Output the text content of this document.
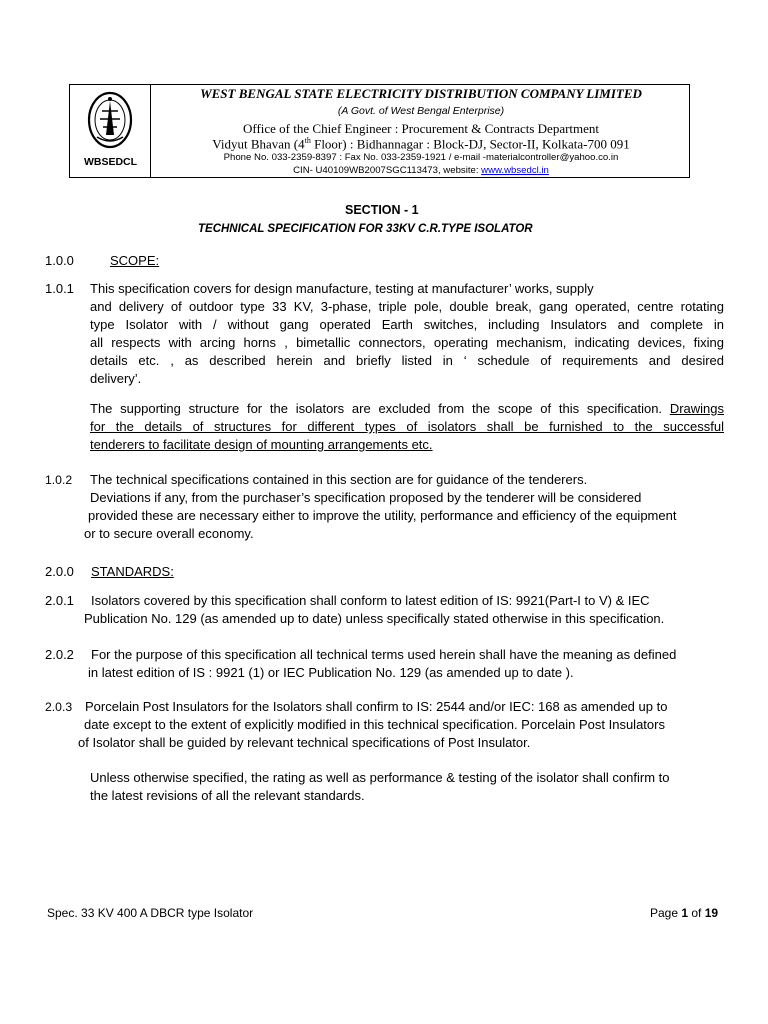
WBSEDCL
WEST BENGAL STATE ELECTRICITY DISTRIBUTION COMPANY LIMITED
(A Govt. of West Bengal Enterprise)
Office of the Chief Engineer : Procurement & Contracts Department
Vidyut Bhavan (4th Floor) : Bidhannagar : Block-DJ, Sector-II, Kolkata-700 091
Phone No. 033-2359-8397 : Fax No. 033-2359-1921 / e-mail -materialcontroller@yahoo.co.in
CIN- U40109WB2007SGC113473, website: www.wbsedcl.in
SECTION - 1
TECHNICAL SPECIFICATION FOR 33KV C.R.TYPE ISOLATOR
1.0.0	SCOPE:
1.0.1 This specification covers for design manufacture, testing at manufacturer’ works, supply
and delivery of outdoor type 33 KV, 3-phase, triple pole, double break, gang operated, centre rotating
type Isolator with / without gang operated Earth switches, including Insulators and complete in
all respects with arcing horns , bimetallic connectors, operating mechanism, indicating devices, fixing
details etc. , as described herein and briefly listed in ‘ schedule of requirements and desired
delivery’.
The supporting structure for the isolators are excluded from the scope of this specification. Drawings
for the details of structures for different types of isolators shall be furnished to the successful
tenderers to facilitate design of mounting arrangements etc.
1.0.2 The technical specifications contained in this section are for guidance of the tenderers.
Deviations if any, from the purchaser’s specification proposed by the tenderer will be considered
provided these are necessary either to improve the utility, performance and efficiency of the equipment
or to secure overall economy.
2.0.0 STANDARDS:
2.0.1 Isolators covered by this specification shall conform to latest edition of IS: 9921(Part-I to V) & IEC
Publication No. 129 (as amended up to date) unless specifically stated otherwise in this specification.
2.0.2 For the purpose of this specification all technical terms used herein shall have the meaning as defined
in latest edition of IS : 9921 (1) or IEC Publication No. 129 (as amended up to date ).
2.0.3 Porcelain Post Insulators for the Isolators shall confirm to IS: 2544 and/or IEC: 168 as amended up to
date except to the extent of explicitly modified in this technical specification. Porcelain Post Insulators
of Isolator shall be guided by relevant technical specifications of Post Insulator.
Unless otherwise specified, the rating as well as performance & testing of the isolator shall confirm to
the latest revisions of all the relevant standards.
Spec. 33 KV 400 A DBCR type Isolator	Page 1 of 19
